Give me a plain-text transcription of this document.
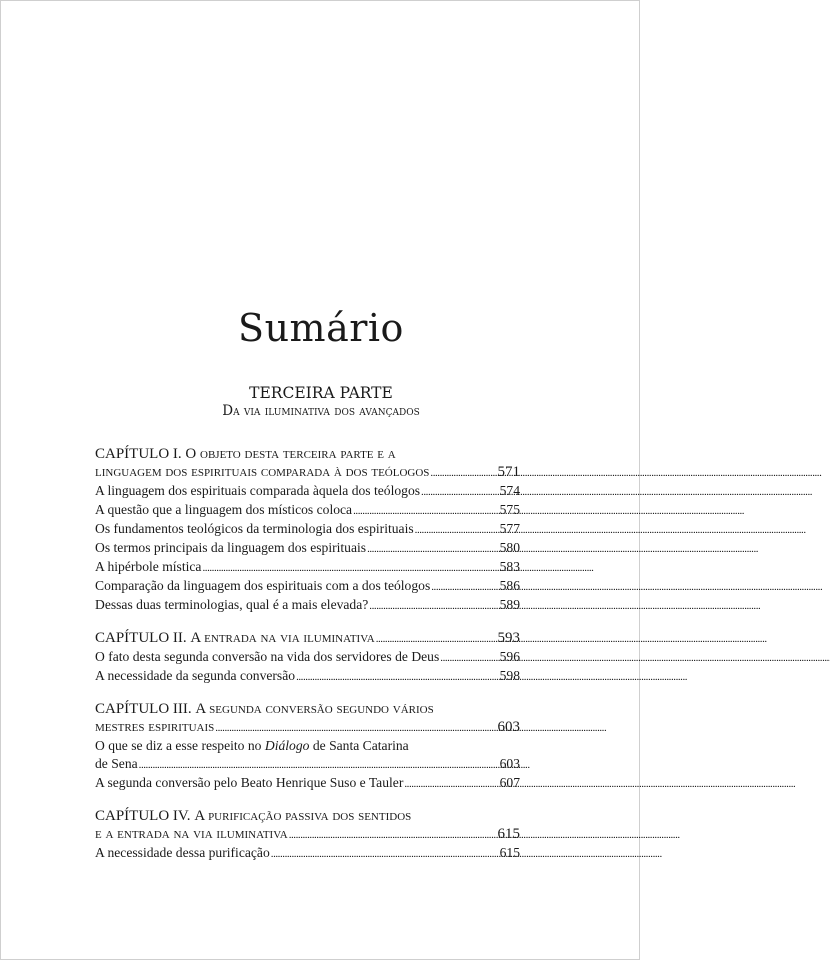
Sumário
TERCEIRA PARTE
Da via iluminativa dos avançados
CAPÍTULO I. O objeto desta terceira parte e a
linguagem dos espirituais comparada à dos teólogos . . .	571
A linguagem dos espirituais comparada àquela dos teólogos . . .	574
A questão que a linguagem dos místicos coloca . . .	575
Os fundamentos teológicos da terminologia dos espirituais . . .	577
Os termos principais da linguagem dos espirituais . . .	580
A hipérbole mística . . .	583
Comparação da linguagem dos espirituais com a dos teólogos . . .	586
Dessas duas terminologias, qual é a mais elevada? . . .	589
CAPÍTULO II. A entrada na via iluminativa . . .	593
O fato desta segunda conversão na vida dos servidores de Deus . . .	596
A necessidade da segunda conversão . . .	598
CAPÍTULO III. A segunda conversão segundo vários
mestres espirituais . . .	603
O que se diz a esse respeito no Diálogo de Santa Catarina
de Sena . . .	603
A segunda conversão pelo Beato Henrique Suso e Tauler . . .	607
CAPÍTULO IV. A purificação passiva dos sentidos
e a entrada na via iluminativa . . .	615
A necessidade dessa purificação . . .	615
